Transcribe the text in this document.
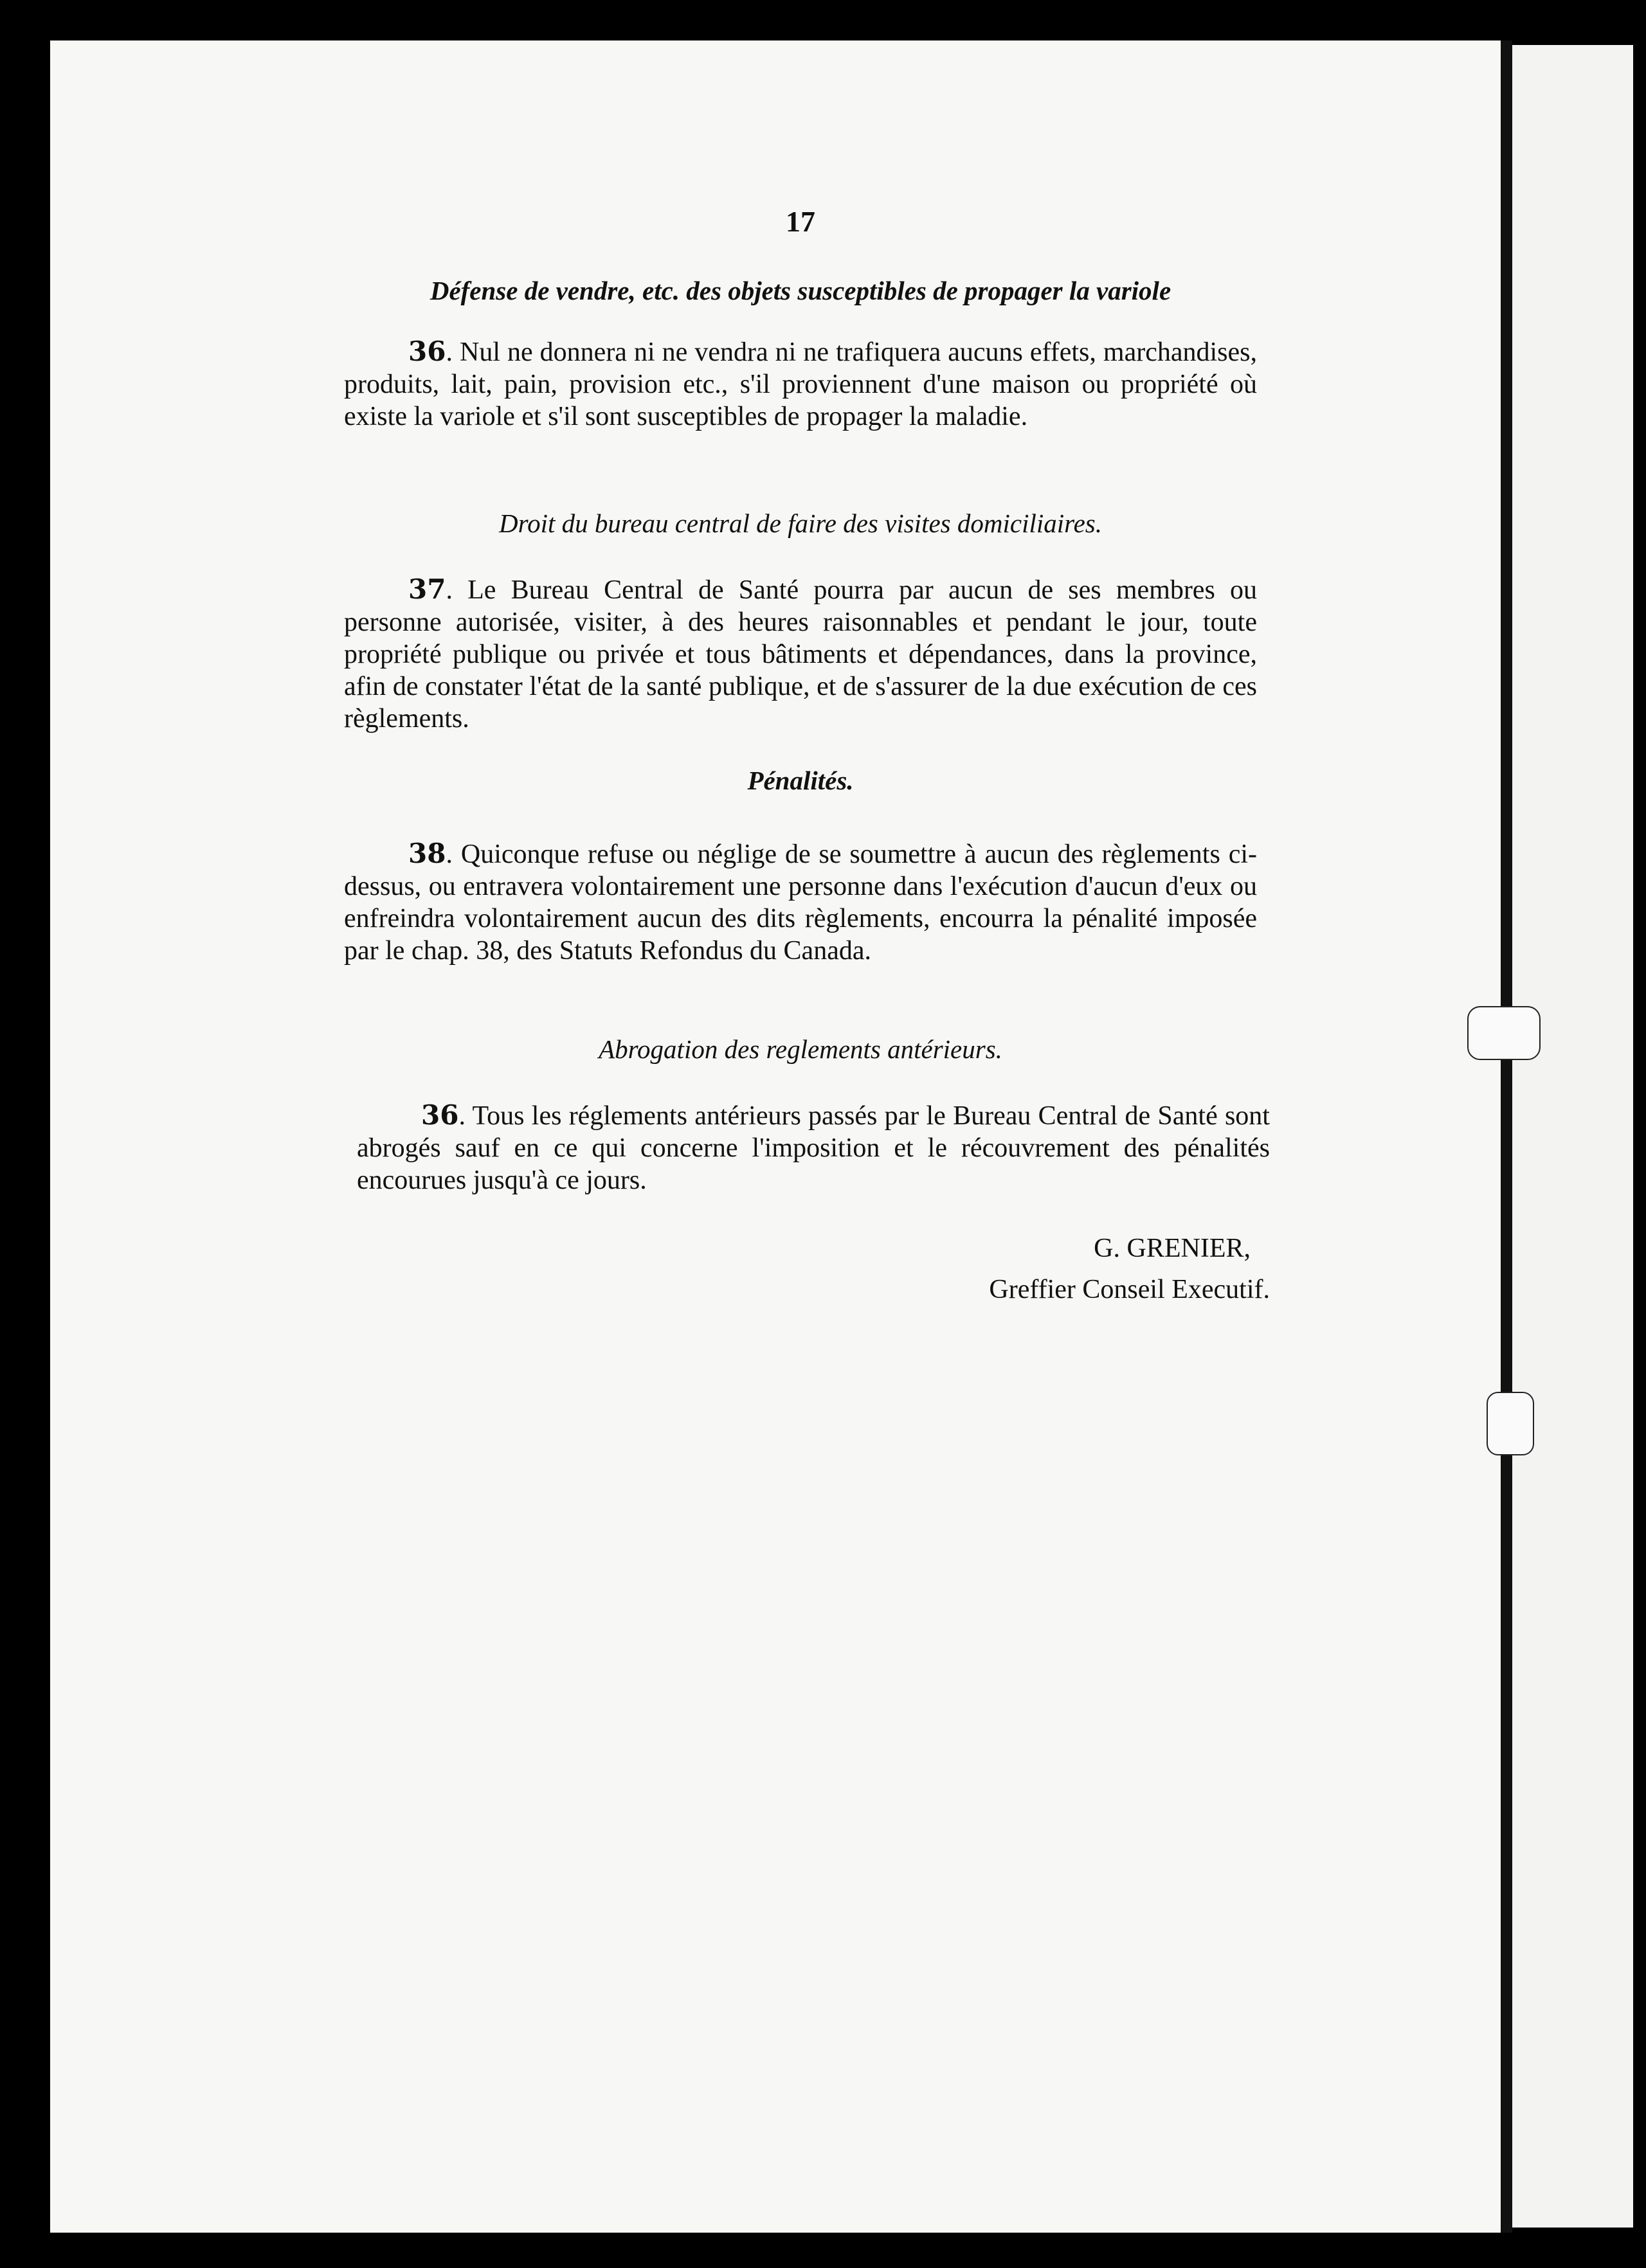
17
Défense de vendre, etc. des objets susceptibles de propager la variole
36. Nul ne donnera ni ne vendra ni ne trafiquera aucuns effets, marchandises, produits, lait, pain, provision etc., s'il proviennent d'une maison ou propriété où existe la variole et s'il sont susceptibles de propager la maladie.
Droit du bureau central de faire des visites domiciliaires.
37. Le Bureau Central de Santé pourra par aucun de ses membres ou personne autorisée, visiter, à des heures raisonnables et pendant le jour, toute propriété publique ou privée et tous bâtiments et dépendances, dans la province, afin de constater l'état de la santé publique, et de s'assurer de la due exécution de ces règlements.
Pénalités.
38. Quiconque refuse ou néglige de se soumettre à aucun des règlements ci-dessus, ou entravera volontairement une personne dans l'exécution d'aucun d'eux ou enfreindra volontairement aucun des dits règlements, encourra la pénalité imposée par le chap. 38, des Statuts Refondus du Canada.
Abrogation des reglements antérieurs.
36. Tous les réglements antérieurs passés par le Bureau Central de Santé sont abrogés sauf en ce qui concerne l'imposition et le récouvrement des pénalités encourues jusqu'à ce jours.
G. GRENIER,
Greffier Conseil Executif.
